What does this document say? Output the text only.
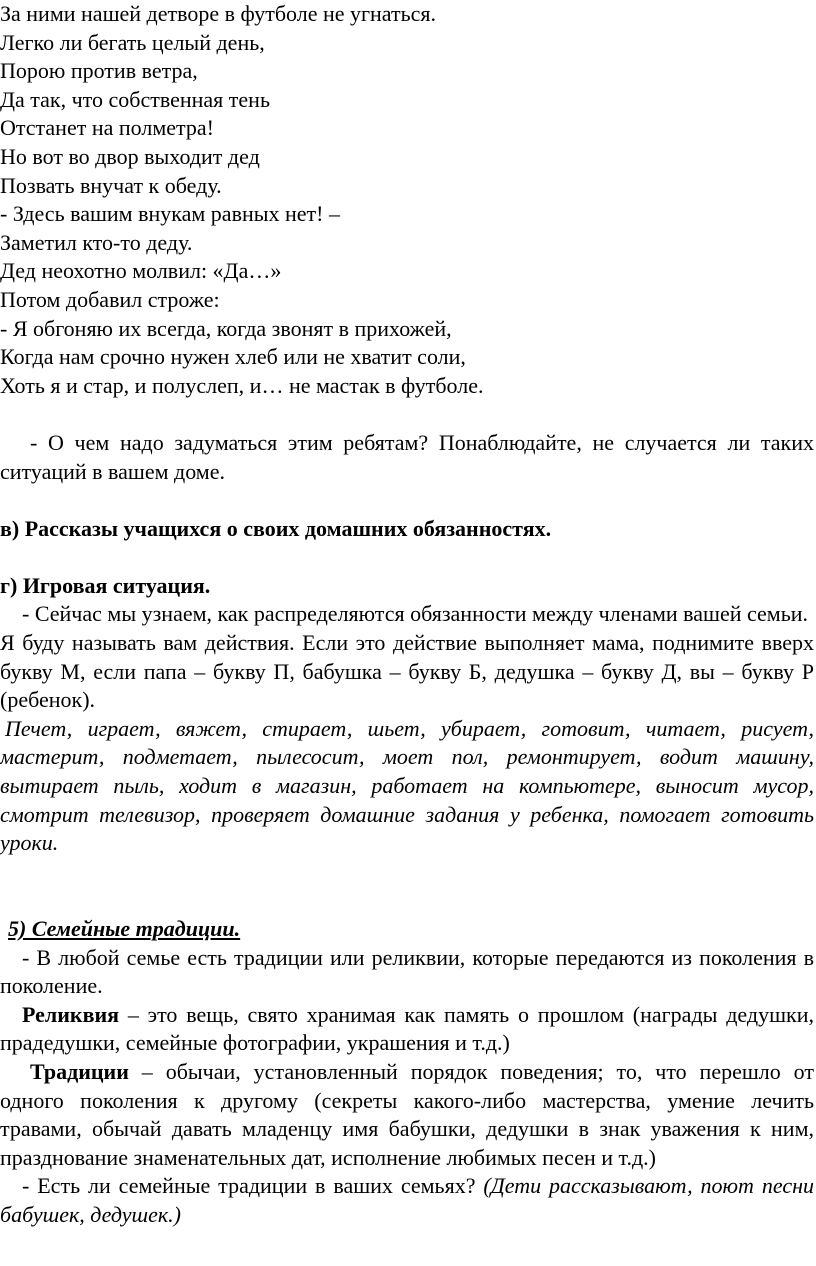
За ними нашей детворе в футболе не угнаться.
Легко ли бегать целый день,
Порою против ветра,
Да так, что собственная тень
Отстанет на полметра!
Но вот во двор выходит дед
Позвать внучат к обеду.
- Здесь вашим внукам равных нет! –
Заметил кто-то деду.
Дед неохотно молвил: «Да…»
Потом добавил строже:
- Я обгоняю их всегда, когда звонят в прихожей,
Когда нам срочно нужен хлеб или не хватит соли,
Хоть я и стар, и полуслеп, и… не мастак в футболе.

- О чем надо задуматься этим ребятам? Понаблюдайте, не случается ли таких ситуаций в вашем доме.

в) Рассказы учащихся о своих домашних обязанностях.

г) Игровая ситуация.

- Сейчас мы узнаем, как распределяются обязанности между членами вашей семьи.

Я буду называть вам действия. Если это действие выполняет мама, поднимите вверх букву М, если папа – букву П, бабушка – букву Б, дедушка – букву Д, вы – букву Р (ребенок).

Печет, играет, вяжет, стирает, шьет, убирает, готовит, читает, рисует, мастерит, подметает, пылесосит, моет пол, ремонтирует, водит машину, вытирает пыль, ходит в магазин, работает на компьютере, выносит мусор, смотрит телевизор, проверяет домашние задания у ребенка, помогает готовить уроки.

5) Семейные традиции.

- В любой семье есть традиции или реликвии, которые передаются из поколения в поколение.

Реликвия – это вещь, свято хранимая как память о прошлом (награды дедушки, прадедушки, семейные фотографии, украшения и т.д.)

Традиции – обычаи, установленный порядок поведения; то, что перешло от одного поколения к другому (секреты какого-либо мастерства, умение лечить травами, обычай давать младенцу имя бабушки, дедушки в знак уважения к ним, празднование знаменательных дат, исполнение любимых песен и т.д.)

- Есть ли семейные традиции в ваших семьях? (Дети рассказывают, поют песни бабушек, дедушек.)
